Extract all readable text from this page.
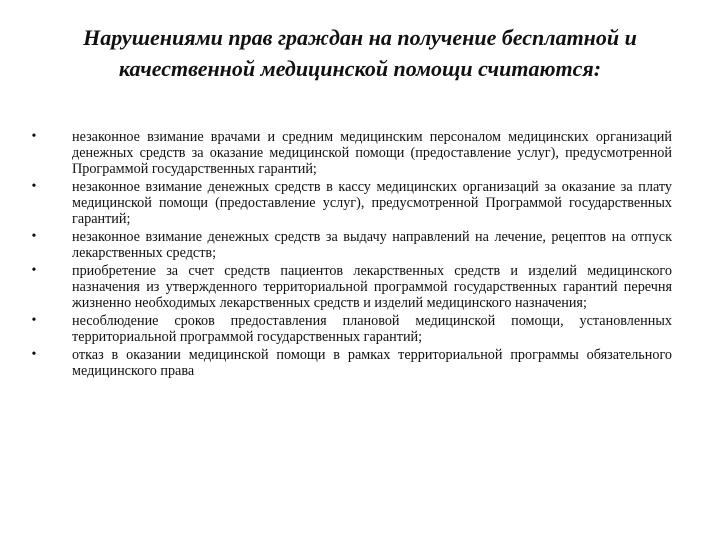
Нарушениями прав граждан на получение бесплатной и
качественной медицинской помощи считаются:
•	незаконное взимание врачами и средним медицинским персоналом медицинских организаций денежных средств за оказание медицинской помощи (предоставление услуг), предусмотренной Программой государственных гарантий;
•	незаконное взимание денежных средств в кассу медицинских организаций за оказание за плату медицинской помощи (предоставление услуг), предусмотренной Программой государственных гарантий;
•	незаконное взимание денежных средств за выдачу направлений на лечение, рецептов на отпуск лекарственных средств;
•	приобретение за счет средств пациентов лекарственных средств и изделий медицинского назначения из утвержденного территориальной программой государственных гарантий перечня жизненно необходимых лекарственных средств и изделий медицинского назначения;
•	несоблюдение сроков предоставления плановой медицинской помощи, установленных территориальной программой государственных гарантий;
•	отказ в оказании медицинской помощи в рамках территориальной программы обязательного медицинского права
